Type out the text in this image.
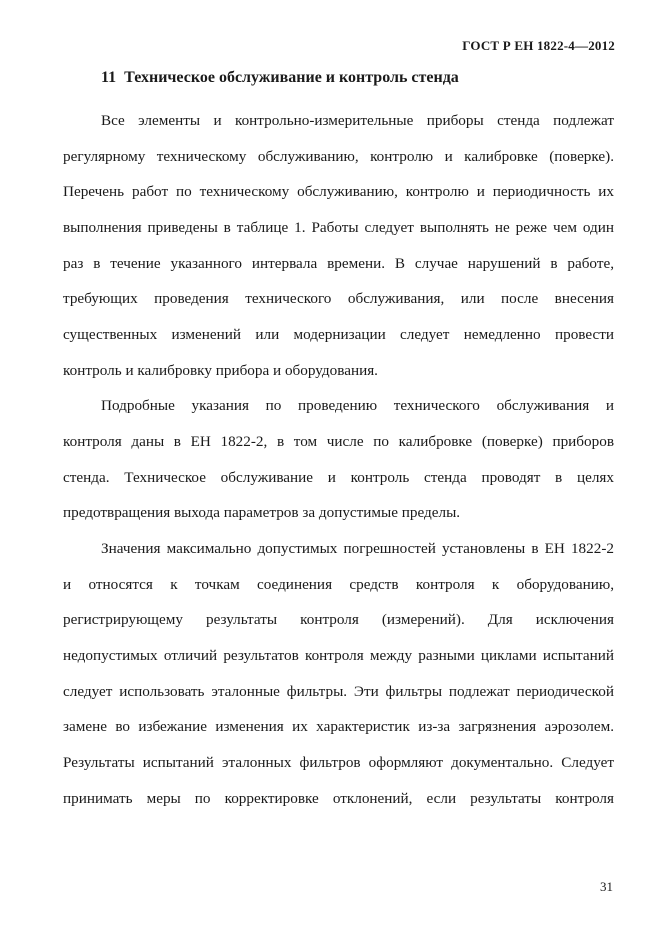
ГОСТ Р ЕН 1822-4—2012
11 Техническое обслуживание и контроль стенда
Все элементы и контрольно-измерительные приборы стенда подлежат
регулярному техническому обслуживанию, контролю и калибровке (поверке).
Перечень работ по техническому обслуживанию, контролю и периодичность их
выполнения приведены в таблице 1. Работы следует выполнять не реже чем один
раз в течение указанного интервала времени. В случае нарушений в работе,
требующих проведения технического обслуживания, или после внесения
существенных изменений или модернизации следует немедленно провести
контроль и калибровку прибора и оборудования.
Подробные указания по проведению технического обслуживания и
контроля даны в ЕН 1822-2, в том числе по калибровке (поверке) приборов
стенда. Техническое обслуживание и контроль стенда проводят в целях
предотвращения выхода параметров за допустимые пределы.
Значения максимально допустимых погрешностей установлены в ЕН 1822-2
и относятся к точкам соединения средств контроля к оборудованию,
регистрирующему результаты контроля (измерений). Для исключения
недопустимых отличий результатов контроля между разными циклами испытаний
следует использовать эталонные фильтры. Эти фильтры подлежат периодической
замене во избежание изменения их характеристик из-за загрязнения аэрозолем.
Результаты испытаний эталонных фильтров оформляют документально. Следует
принимать меры по корректировке отклонений, если результаты контроля
31
